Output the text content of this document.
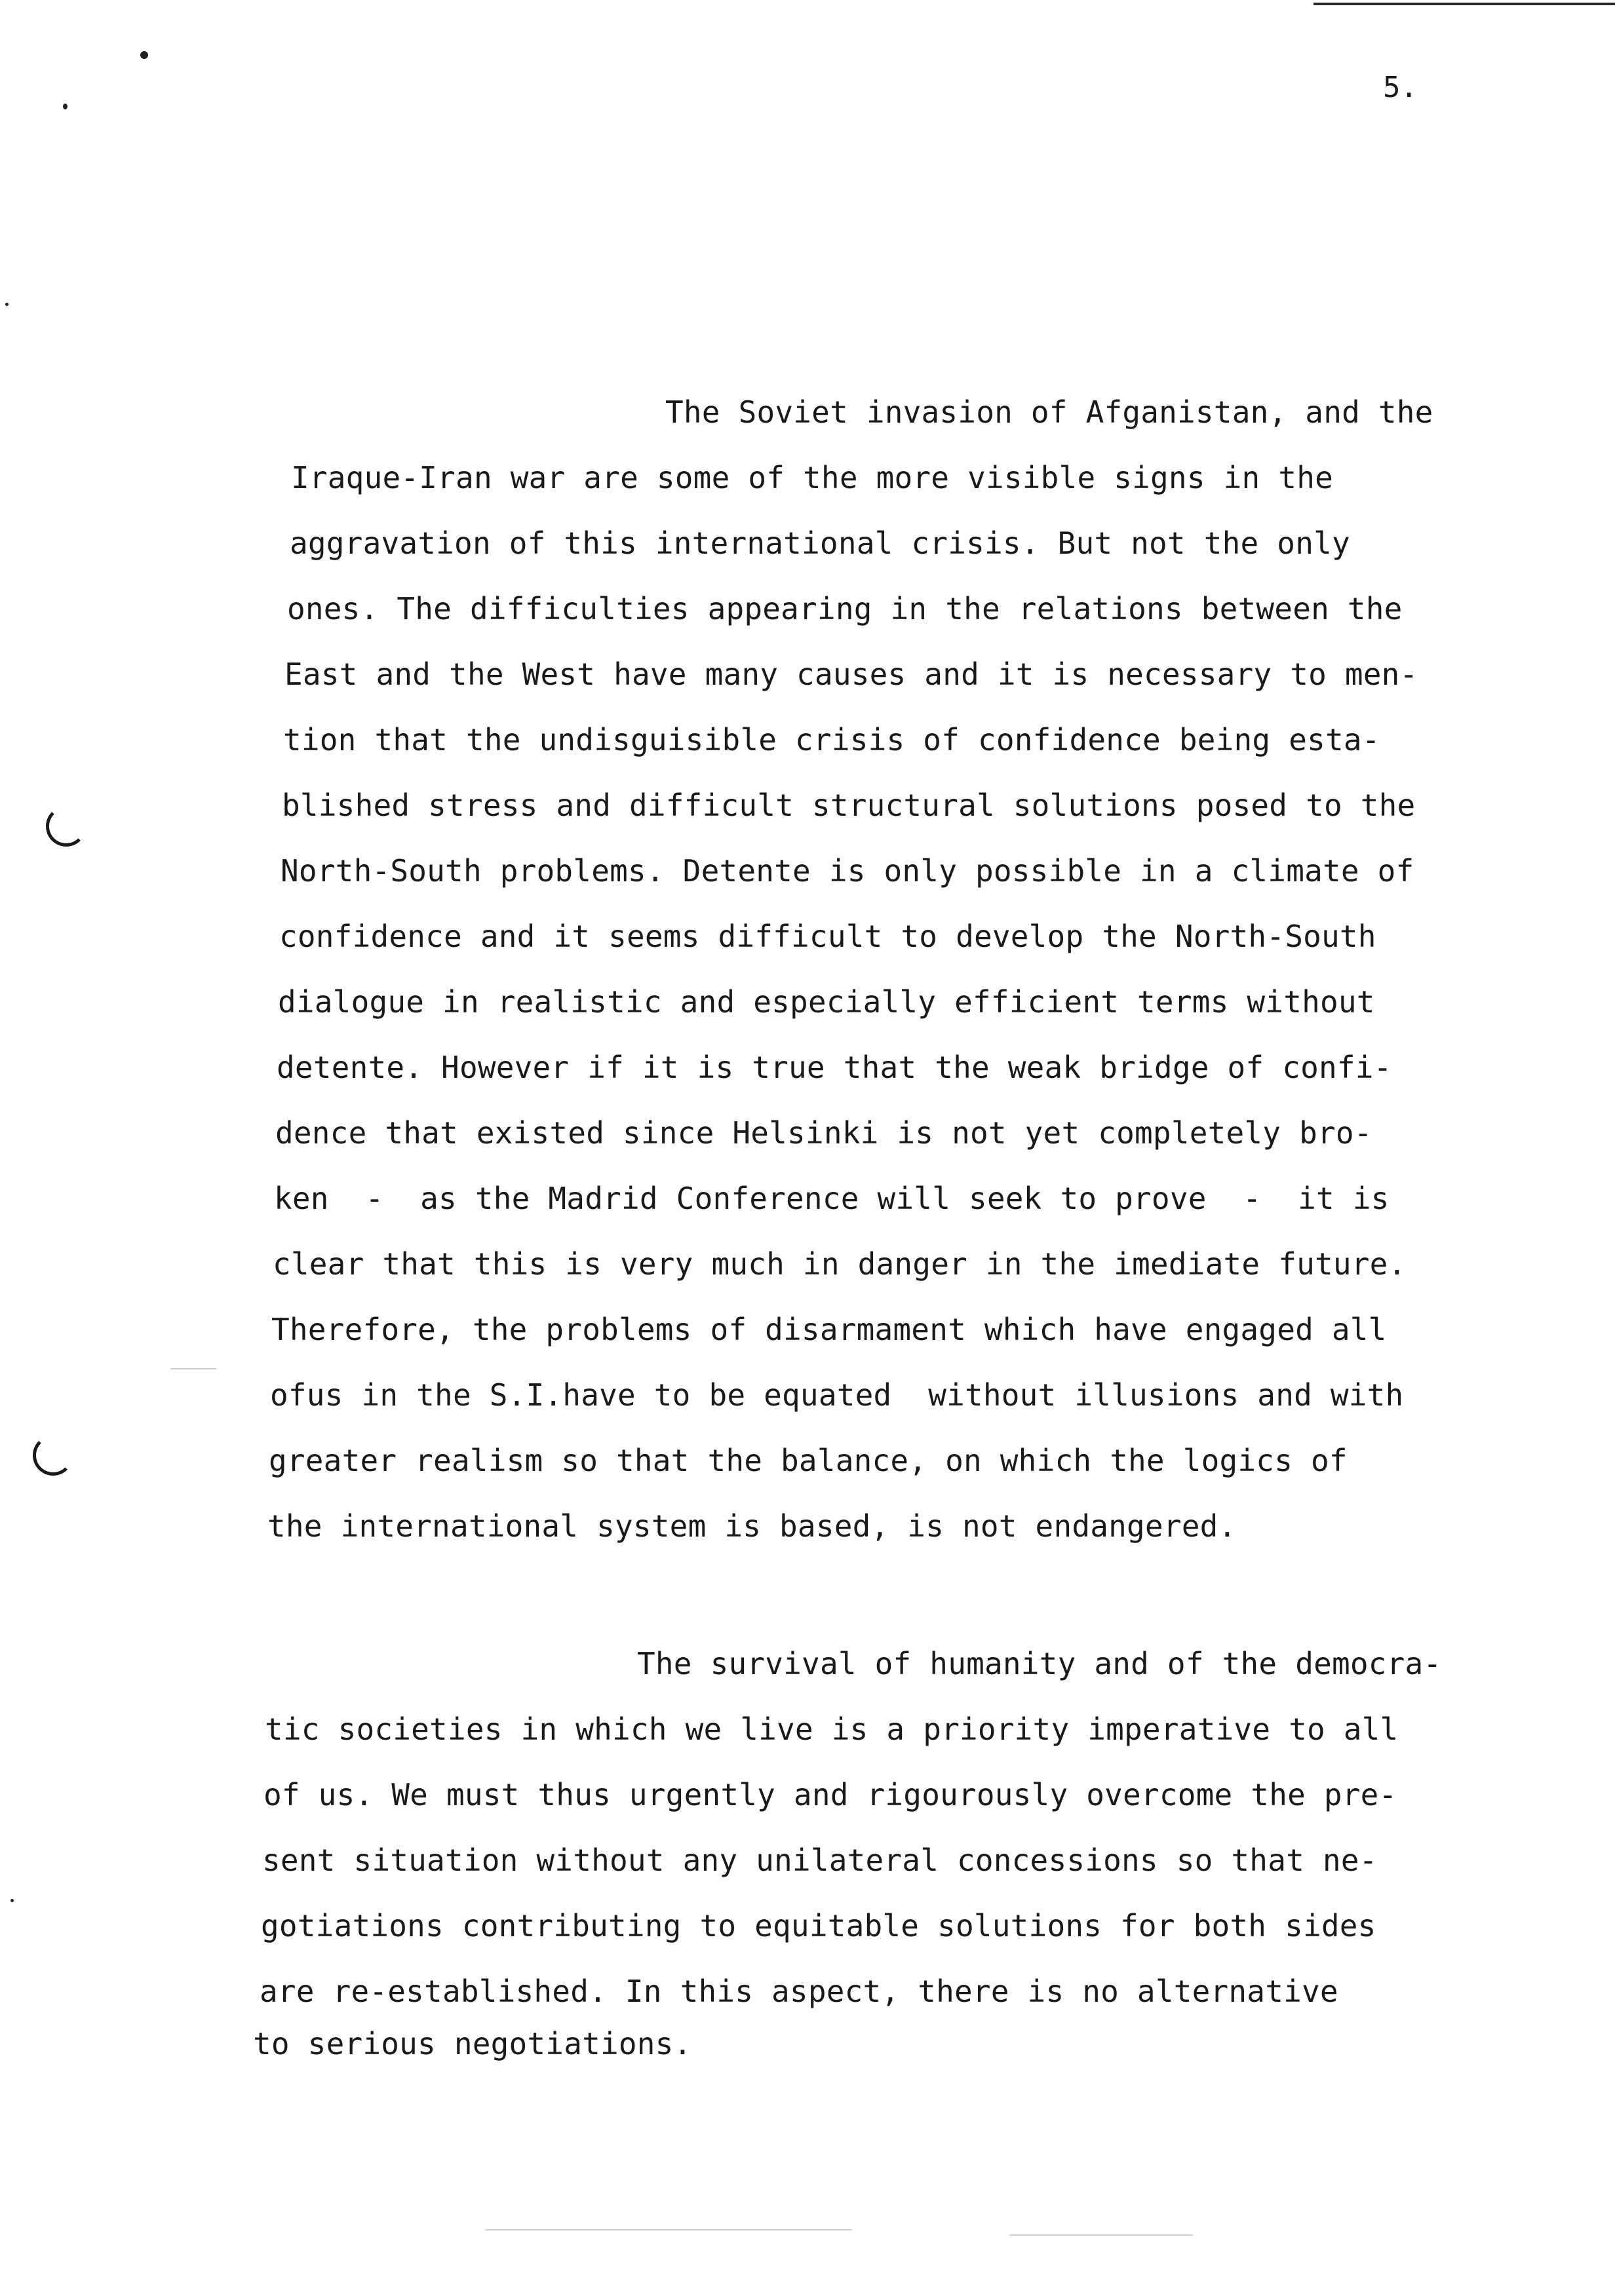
5.
The Soviet invasion of Afganistan, and the
Iraque-Iran war are some of the more visible signs in the
aggravation of this international crisis. But not the only
ones. The difficulties appearing in the relations between the
East and the West have many causes and it is necessary to men-
tion that the undisguisible crisis of confidence being esta-
blished stress and difficult structural solutions posed to the
North-South problems. Detente is only possible in a climate of
confidence and it seems difficult to develop the North-South
dialogue in realistic and especially efficient terms without
detente. However if it is true that the weak bridge of confi-
dence that existed since Helsinki is not yet completely bro-
ken  -  as the Madrid Conference will seek to prove  -  it is
clear that this is very much in danger in the imediate future.
Therefore, the problems of disarmament which have engaged all
ofus in the S.I.have to be equated  without illusions and with
greater realism so that the balance, on which the logics of
the international system is based, is not endangered.
The survival of humanity and of the democra-
tic societies in which we live is a priority imperative to all
of us. We must thus urgently and rigourously overcome the pre-
sent situation without any unilateral concessions so that ne-
gotiations contributing to equitable solutions for both sides
are re-established. In this aspect, there is no alternative
to serious negotiations.
